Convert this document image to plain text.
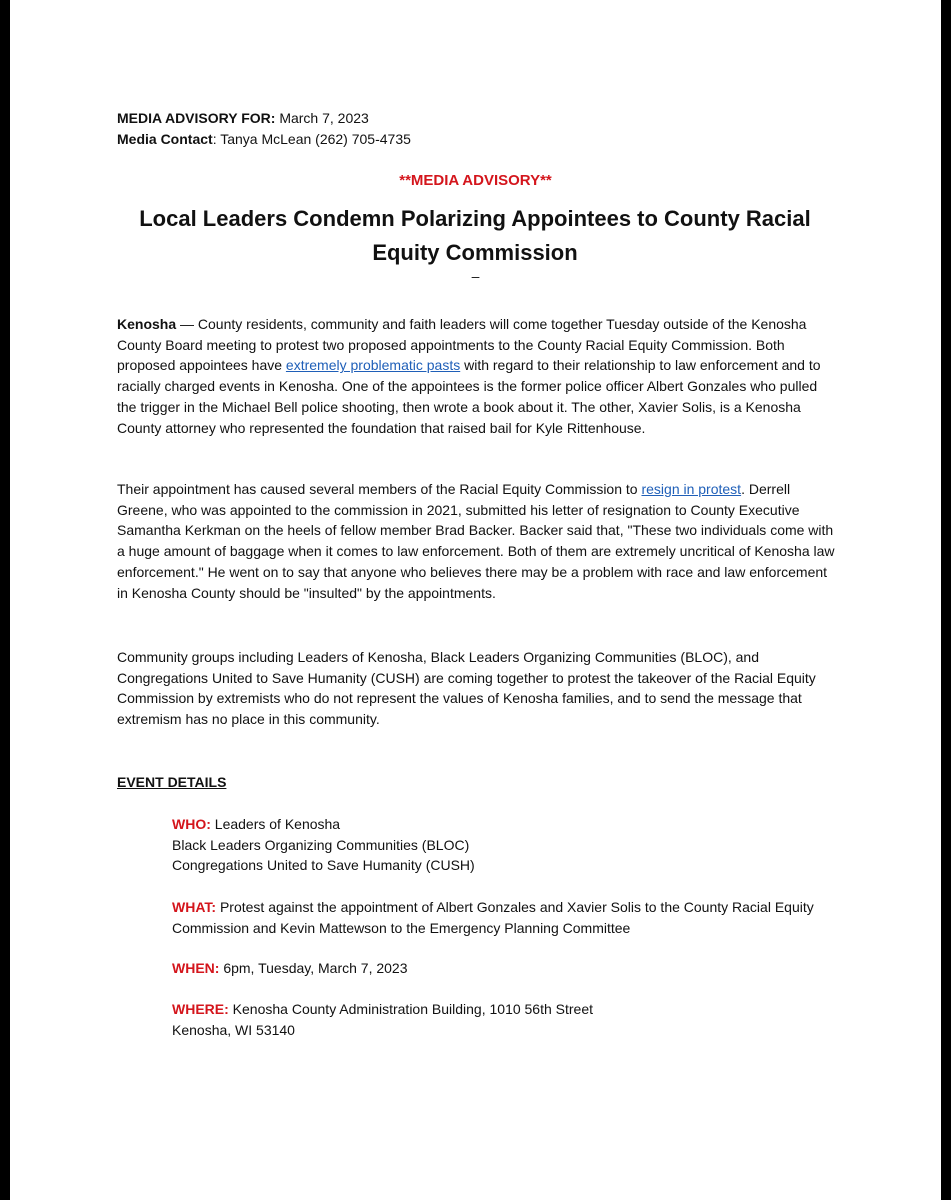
MEDIA ADVISORY FOR: March 7, 2023

Media Contact: Tanya McLean (262) 705-4735

**MEDIA ADVISORY**

Local Leaders Condemn Polarizing Appointees to County Racial
Equity Commission

–

Kenosha — County residents, community and faith leaders will come together Tuesday outside of the Kenosha County Board meeting to protest two proposed appointments to the County Racial Equity Commission. Both proposed appointees have extremely problematic pasts with regard to their relationship to law enforcement and to racially charged events in Kenosha. One of the appointees is the former police officer Albert Gonzales who pulled the trigger in the Michael Bell police shooting, then wrote a book about it. The other, Xavier Solis, is a Kenosha County attorney who represented the foundation that raised bail for Kyle Rittenhouse.

Their appointment has caused several members of the Racial Equity Commission to resign in protest. Derrell Greene, who was appointed to the commission in 2021, submitted his letter of resignation to County Executive Samantha Kerkman on the heels of fellow member Brad Backer. Backer said that, "These two individuals come with a huge amount of baggage when it comes to law enforcement. Both of them are extremely uncritical of Kenosha law enforcement." He went on to say that anyone who believes there may be a problem with race and law enforcement in Kenosha County should be "insulted" by the appointments.

Community groups including Leaders of Kenosha, Black Leaders Organizing Communities (BLOC), and Congregations United to Save Humanity (CUSH) are coming together to protest the takeover of the Racial Equity Commission by extremists who do not represent the values of Kenosha families, and to send the message that extremism has no place in this community.

EVENT DETAILS

WHO: Leaders of Kenosha
Black Leaders Organizing Communities (BLOC)
Congregations United to Save Humanity (CUSH)

WHAT: Protest against the appointment of Albert Gonzales and Xavier Solis to the County Racial Equity Commission and Kevin Mattewson to the Emergency Planning Committee

WHEN: 6pm, Tuesday, March 7, 2023

WHERE: Kenosha County Administration Building, 1010 56th Street
Kenosha, WI 53140
